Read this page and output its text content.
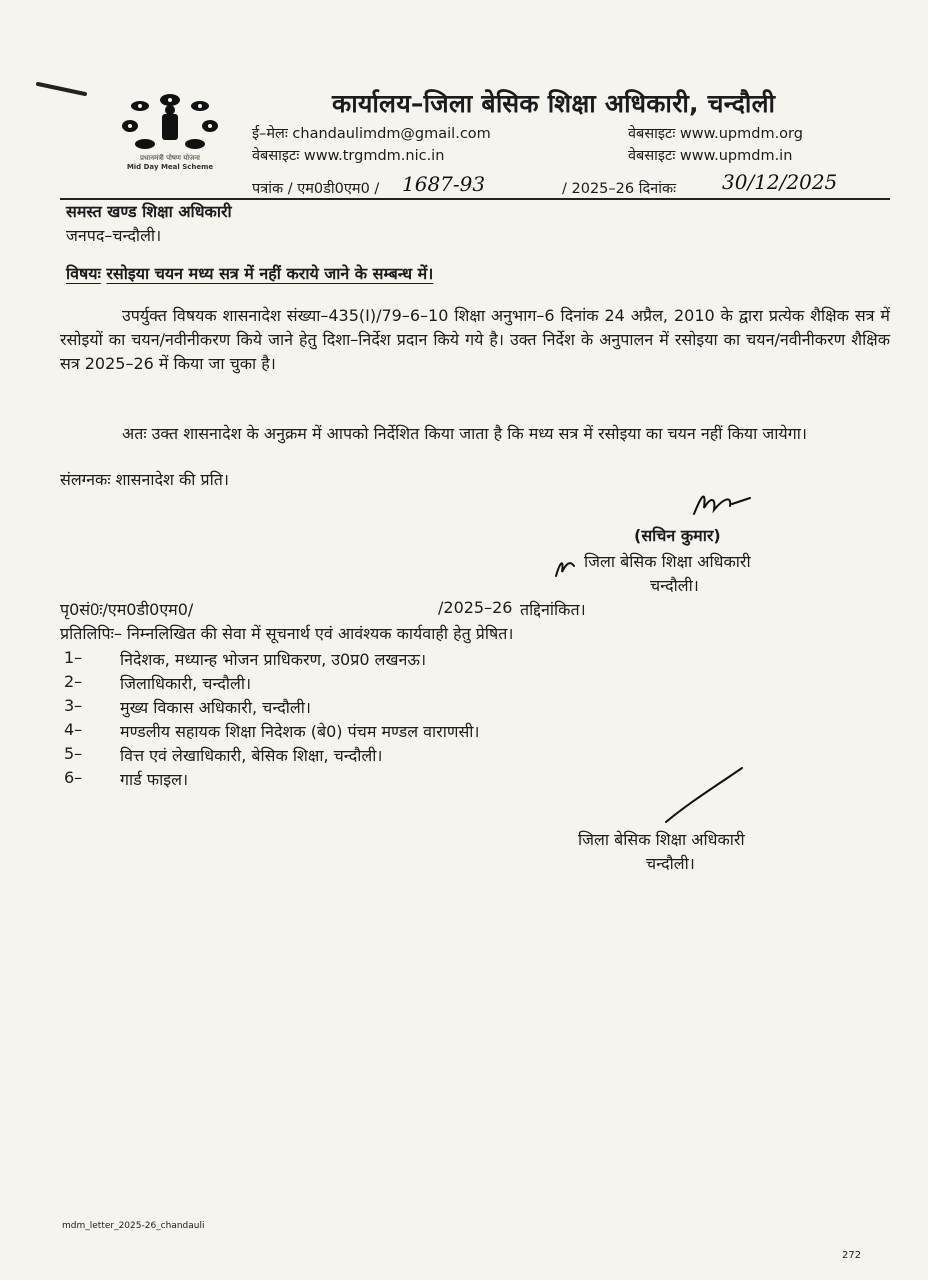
प्रधानमंत्री पोषण योजना
Mid Day Meal Scheme
कार्यालय–जिला बेसिक शिक्षा अधिकारी, चन्दौली
ई–मेलः chandaulimdm@gmail.com
वेबसाइटः www.trgmdm.nic.in
वेबसाइटः www.upmdm.org
वेबसाइटः www.upmdm.in
पत्रांक / एम0डी0एम0 / 1687-93	/ 2025–26 दिनांकः 30/12/2025
समस्त खण्ड शिक्षा अधिकारी
जनपद–चन्दौली।
विषयः रसोइया चयन मध्य सत्र में नहीं कराये जाने के सम्बन्ध में।
उपर्युक्त विषयक शासनादेश संख्या–435(I)/79–6–10 शिक्षा अनुभाग–6 दिनांक 24 अप्रैल, 2010 के द्वारा प्रत्येक शैक्षिक सत्र में रसोइयों का चयन/नवीनीकरण किये जाने हेतु दिशा–निर्देश प्रदान किये गये है। उक्त निर्देश के अनुपालन में रसोइया का चयन/नवीनीकरण शैक्षिक सत्र 2025–26 में किया जा चुका है।
अतः उक्त शासनादेश के अनुक्रम में आपको निर्देशित किया जाता है कि मध्य सत्र में रसोइया का चयन नहीं किया जायेगा।
संलग्नकः शासनादेश की प्रति।
(सचिन कुमार)
जिला बेसिक शिक्षा अधिकारी
चन्दौली।
पृ0सं0ः/एम0डी0एम0/	/2025–26 तद्दिनांकित।
प्रतिलिपिः– निम्नलिखित की सेवा में सूचनार्थ एवं आवंश्यक कार्यवाही हेतु प्रेषित।
1– निदेशक, मध्यान्ह भोजन प्राधिकरण, उ0प्र0 लखनऊ।
2– जिलाधिकारी, चन्दौली।
3– मुख्य विकास अधिकारी, चन्दौली।
4– मण्डलीय सहायक शिक्षा निदेशक (बे0) पंचम मण्डल वाराणसी।
5– वित्त एवं लेखाधिकारी, बेसिक शिक्षा, चन्दौली।
6– गार्ड फाइल।
जिला बेसिक शिक्षा अधिकारी
चन्दौली।
mdm_letter_2025-26_chandauli
272
